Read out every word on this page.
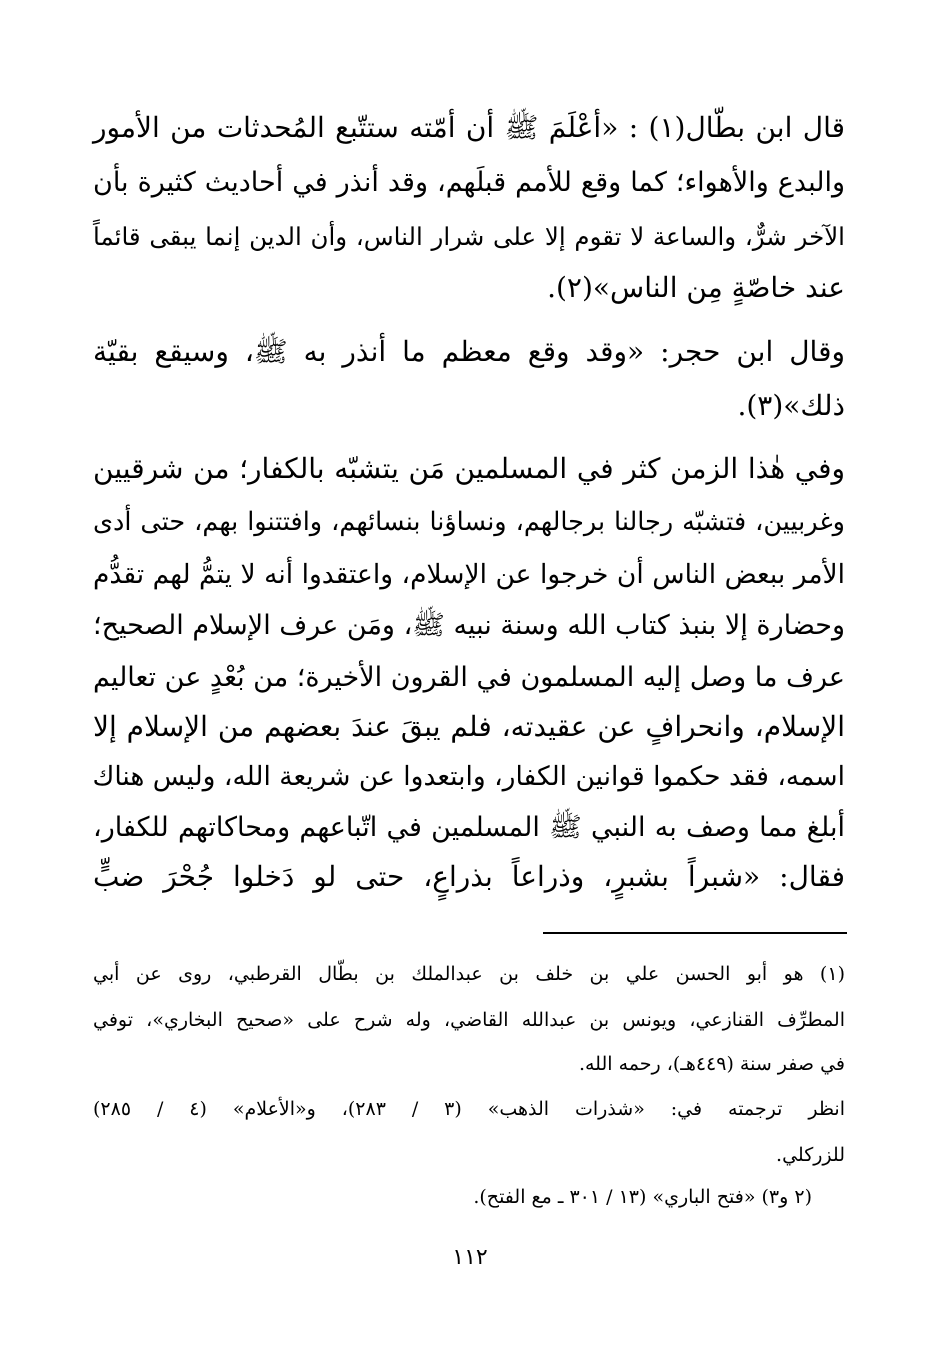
قال ابن بطّال(١) : «أعْلَمَ ﷺ أن أمّته ستتّبع المُحدثات من الأمور
والبدع والأهواء؛ كما وقع للأمم قبلَهم، وقد أنذر في أحاديث كثيرة بأن
الآخر شرٌّ، والساعة لا تقوم إلا على شرار الناس، وأن الدين إنما يبقى قائماً
عند خاصّةٍ مِن الناس»(٢).
وقال ابن حجر: «وقد وقع معظم ما أنذر به ﷺ، وسيقع بقيّة
ذلك»(٣).
وفي هٰذا الزمن كثر في المسلمين مَن يتشبّه بالكفار؛ من شرقيين
وغربيين، فتشبّه رجالنا برجالهم، ونساؤنا بنسائهم، وافتتنوا بهم، حتى أدى
الأمر ببعض الناس أن خرجوا عن الإسلام، واعتقدوا أنه لا يتمُّ لهم تقدُّم
وحضارة إلا بنبذ كتاب الله وسنة نبيه ﷺ، ومَن عرف الإسلام الصحيح؛
عرف ما وصل إليه المسلمون في القرون الأخيرة؛ من بُعْدٍ عن تعاليم
الإسلام، وانحرافٍ عن عقيدته، فلم يبقَ عندَ بعضهم من الإسلام إلا
اسمه، فقد حكموا قوانين الكفار، وابتعدوا عن شريعة الله، وليس هناك
أبلغ مما وصف به النبي ﷺ المسلمين في اتّباعهم ومحاكاتهم للكفار،
فقال: «شبراً بشبرٍ، وذراعاً بذراعٍ، حتى لو دَخلوا جُحْرَ ضبٍّ
(١) هو أبو الحسن علي بن خلف بن عبدالملك بن بطّال القرطبي، روى عن أبي
المطرِّف القنازعي، ويونس بن عبدالله القاضي، وله شرح على «صحيح البخاري»، توفي
في صفر سنة (٤٤٩هـ)، رحمه الله.
انظر ترجمته في: «شذرات الذهب» (٣ / ٢٨٣)، و«الأعلام» (٤ / ٢٨٥)
للزركلي.
(٢ و٣) «فتح الباري» (١٣ / ٣٠١ ـ مع الفتح).
١١٢
